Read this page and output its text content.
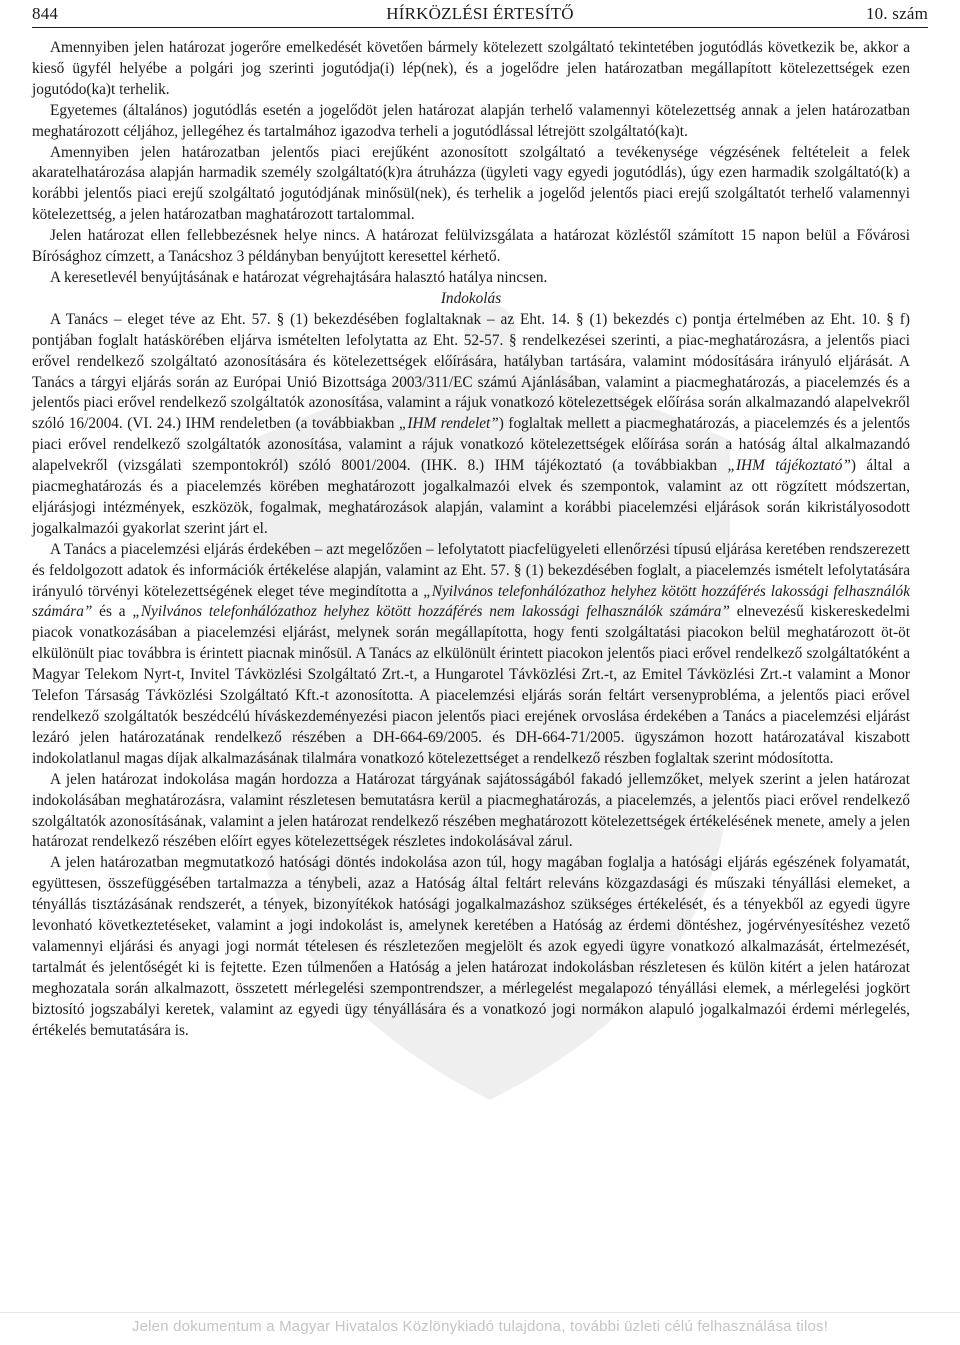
844	HÍRKÖZLÉSI ÉRTESÍTŐ	10. szám

Amennyiben jelen határozat jogerőre emelkedését követően bármely kötelezett szolgáltató tekintetében jogutódlás következik be, akkor a kieső ügyfél helyébe a polgári jog szerinti jogutódja(i) lép(nek), és a jogelődre jelen határozatban megállapított kötelezettségek ezen jogutódo(ka)t terhelik.

Egyetemes (általános) jogutódlás esetén a jogelődöt jelen határozat alapján terhelő valamennyi kötelezettség annak a jelen határozatban meghatározott céljához, jellegéhez és tartalmához igazodva terheli a jogutódlással létrejött szolgáltató(ka)t.

Amennyiben jelen határozatban jelentős piaci erejűként azonosított szolgáltató a tevékenysége végzésének feltételeit a felek akaratelhatározása alapján harmadik személy szolgáltató(k)ra átruházza (ügyleti vagy egyedi jogutódlás), úgy ezen harmadik szolgáltató(k) a korábbi jelentős piaci erejű szolgáltató jogutódjának minősül(nek), és terhelik a jogelőd jelentős piaci erejű szolgáltatót terhelő valamennyi kötelezettség, a jelen határozatban maghatározott tartalommal.

Jelen határozat ellen fellebbezésnek helye nincs. A határozat felülvizsgálata a határozat közléstől számított 15 napon belül a Fővárosi Bírósághoz címzett, a Tanácshoz 3 példányban benyújtott keresettel kérhető.

A keresetlevél benyújtásának e határozat végrehajtására halasztó hatálya nincsen.

Indokolás

A Tanács – eleget téve az Eht. 57. § (1) bekezdésében foglaltaknak – az Eht. 14. § (1) bekezdés c) pontja értelmében az Eht. 10. § f) pontjában foglalt hatáskörében eljárva ismételten lefolytatta az Eht. 52-57. § rendelkezései szerinti, a piac-meghatározásra, a jelentős piaci erővel rendelkező szolgáltató azonosítására és kötelezettségek előírására, hatályban tartására, valamint módosítására irányuló eljárását. A Tanács a tárgyi eljárás során az Európai Unió Bizottsága 2003/311/EC számú Ajánlásában, valamint a piacmeghatározás, a piacelemzés és a jelentős piaci erővel rendelkező szolgáltatók azonosítása, valamint a rájuk vonatkozó kötelezettségek előírása során alkalmazandó alapelvekről szóló 16/2004. (VI. 24.) IHM rendeletben (a továbbiakban „IHM rendelet”) foglaltak mellett a piacmeghatározás, a piacelemzés és a jelentős piaci erővel rendelkező szolgáltatók azonosítása, valamint a rájuk vonatkozó kötelezettségek előírása során a hatóság által alkalmazandó alapelvekről (vizsgálati szempontokról) szóló 8001/2004. (IHK. 8.) IHM tájékoztató (a továbbiakban „IHM tájékoztató”) által a piacmeghatározás és a piacelemzés körében meghatározott jogalkalmazói elvek és szempontok, valamint az ott rögzített módszertan, eljárásjogi intézmények, eszközök, fogalmak, meghatározások alapján, valamint a korábbi piacelemzési eljárások során kikristályosodott jogalkalmazói gyakorlat szerint járt el.

A Tanács a piacelemzési eljárás érdekében – azt megelőzően – lefolytatott piacfelügyeleti ellenőrzési típusú eljárása keretében rendszerezett és feldolgozott adatok és információk értékelése alapján, valamint az Eht. 57. § (1) bekezdésében foglalt, a piacelemzés ismételt lefolytatására irányuló törvényi kötelezettségének eleget téve megindította a „Nyilvános telefonhálózathoz helyhez kötött hozzáférés lakossági felhasználók számára” és a „Nyilvános telefonhálózathoz helyhez kötött hozzáférés nem lakossági felhasználók számára” elnevezésű kiskereskedelmi piacok vonatkozásában a piacelemzési eljárást, melynek során megállapította, hogy fenti szolgáltatási piacokon belül meghatározott öt-öt elkülönült piac továbbra is érintett piacnak minősül. A Tanács az elkülönült érintett piacokon jelentős piaci erővel rendelkező szolgáltatóként a Magyar Telekom Nyrt-t, Invitel Távközlési Szolgáltató Zrt.-t, a Hungarotel Távközlési Zrt.-t, az Emitel Távközlési Zrt.-t valamint a Monor Telefon Társaság Távközlési Szolgáltató Kft.-t azonosította. A piacelemzési eljárás során feltárt versenyprobléma, a jelentős piaci erővel rendelkező szolgáltatók beszédcélú híváskezdeményezési piacon jelentős piaci erejének orvoslása érdekében a Tanács a piacelemzési eljárást lezáró jelen határozatának rendelkező részében a DH-664-69/2005. és DH-664-71/2005. ügyszámon hozott határozatával kiszabott indokolatlanul magas díjak alkalmazásának tilalmára vonatkozó kötelezettséget a rendelkező részben foglaltak szerint módosította.

A jelen határozat indokolása magán hordozza a Határozat tárgyának sajátosságából fakadó jellemzőket, melyek szerint a jelen határozat indokolásában meghatározásra, valamint részletesen bemutatásra kerül a piacmeghatározás, a piacelemzés, a jelentős piaci erővel rendelkező szolgáltatók azonosításának, valamint a jelen határozat rendelkező részében meghatározott kötelezettségek értékelésének menete, amely a jelen határozat rendelkező részében előírt egyes kötelezettségek részletes indokolásával zárul.

A jelen határozatban megmutatkozó hatósági döntés indokolása azon túl, hogy magában foglalja a hatósági eljárás egészének folyamatát, együttesen, összefüggésében tartalmazza a ténybeli, azaz a Hatóság által feltárt releváns közgazdasági és műszaki tényállási elemeket, a tényállás tisztázásának rendszerét, a tények, bizonyítékok hatósági jogalkalmazáshoz szükséges értékelését, és a tényekből az egyedi ügyre levonható következtetéseket, valamint a jogi indokolást is, amelynek keretében a Hatóság az érdemi döntéshez, jogérvényesítéshez vezető valamennyi eljárási és anyagi jogi normát tételesen és részletezően megjelölt és azok egyedi ügyre vonatkozó alkalmazását, értelmezését, tartalmát és jelentőségét ki is fejtette. Ezen túlmenően a Hatóság a jelen határozat indokolásban részletesen és külön kitért a jelen határozat meghozatala során alkalmazott, összetett mérlegelési szempontrendszer, a mérlegelést megalapozó tényállási elemek, a mérlegelési jogkört biztosító jogszabályi keretek, valamint az egyedi ügy tényállására és a vonatkozó jogi normákon alapuló jogalkalmazói érdemi mérlegelés, értékelés bemutatására is.

Jelen dokumentum a Magyar Hivatalos Közlönykiadó tulajdona, további üzleti célú felhasználása tilos!
